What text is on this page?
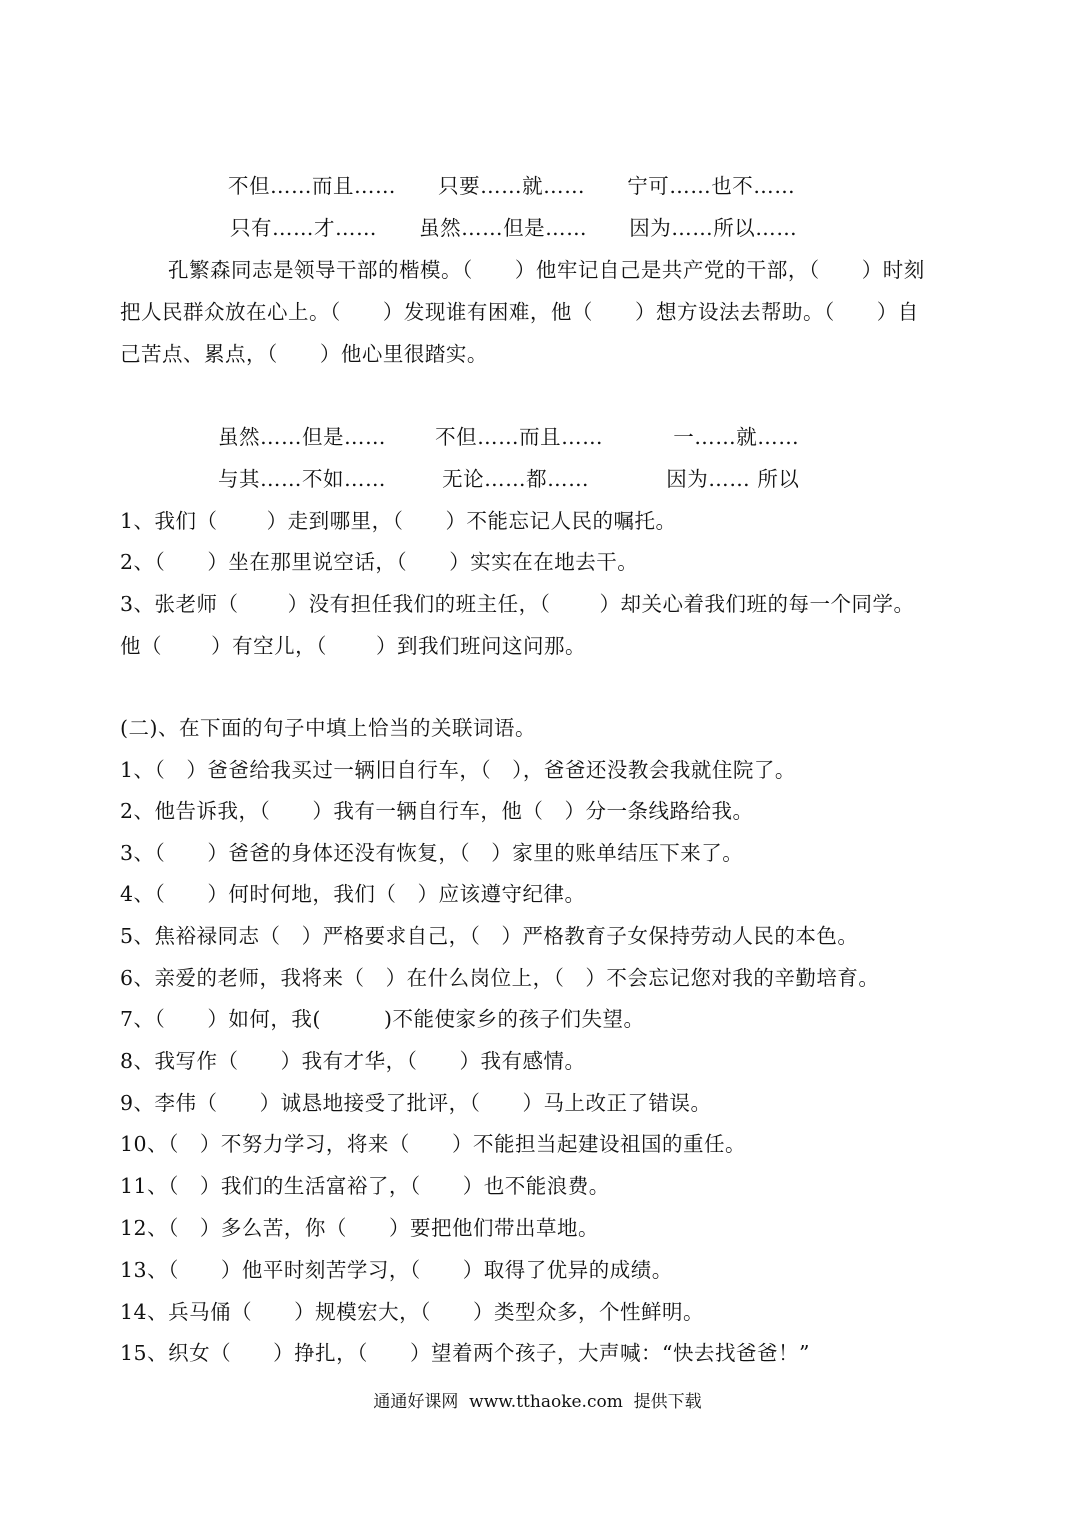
不但……而且……      只要……就……      宁可……也不……
只有……才……      虽然……但是……      因为……所以……
孔繁森同志是领导干部的楷模。（      ）他牢记自己是共产党的干部，（      ）时刻
把人民群众放在心上。（      ）发现谁有困难，他（      ）想方设法去帮助。（      ）自
己苦点、累点，（      ）他心里很踏实。
虽然……但是……       不但……而且……          一……就……
与其……不如……        无论……都……           因为…… 所以
1、我们（       ）走到哪里，（      ）不能忘记人民的嘱托。
2、（      ）坐在那里说空话，（      ）实实在在地去干。
3、张老师（       ）没有担任我们的班主任，（       ）却关心着我们班的每一个同学。
他（       ）有空儿，（       ）到我们班问这问那。
(二)、在下面的句子中填上恰当的关联词语。
1、（   ）爸爸给我买过一辆旧自行车，（   ），爸爸还没教会我就住院了。
2、他告诉我，（      ）我有一辆自行车，他（   ）分一条线路给我。
3、（      ）爸爸的身体还没有恢复，（   ）家里的账单结压下来了。
4、（      ）何时何地，我们（   ）应该遵守纪律。
5、焦裕禄同志（   ）严格要求自己，（   ）严格教育子女保持劳动人民的本色。
6、亲爱的老师，我将来（   ）在什么岗位上，（   ）不会忘记您对我的辛勤培育。
7、（      ）如何，我(         )不能使家乡的孩子们失望。
8、我写作（      ）我有才华，（      ）我有感情。
9、李伟（      ）诚恳地接受了批评，（      ）马上改正了错误。
10、（   ）不努力学习，将来（      ）不能担当起建设祖国的重任。
11、（   ）我们的生活富裕了，（      ）也不能浪费。
12、（   ）多么苦，你（      ）要把他们带出草地。
13、（      ）他平时刻苦学习，（      ）取得了优异的成绩。
14、兵马俑（      ）规模宏大，（      ）类型众多，个性鲜明。
15、织女（      ）挣扎，（      ）望着两个孩子，大声喊：“快去找爸爸！”
通通好课网  www.tthaoke.com  提供下载
